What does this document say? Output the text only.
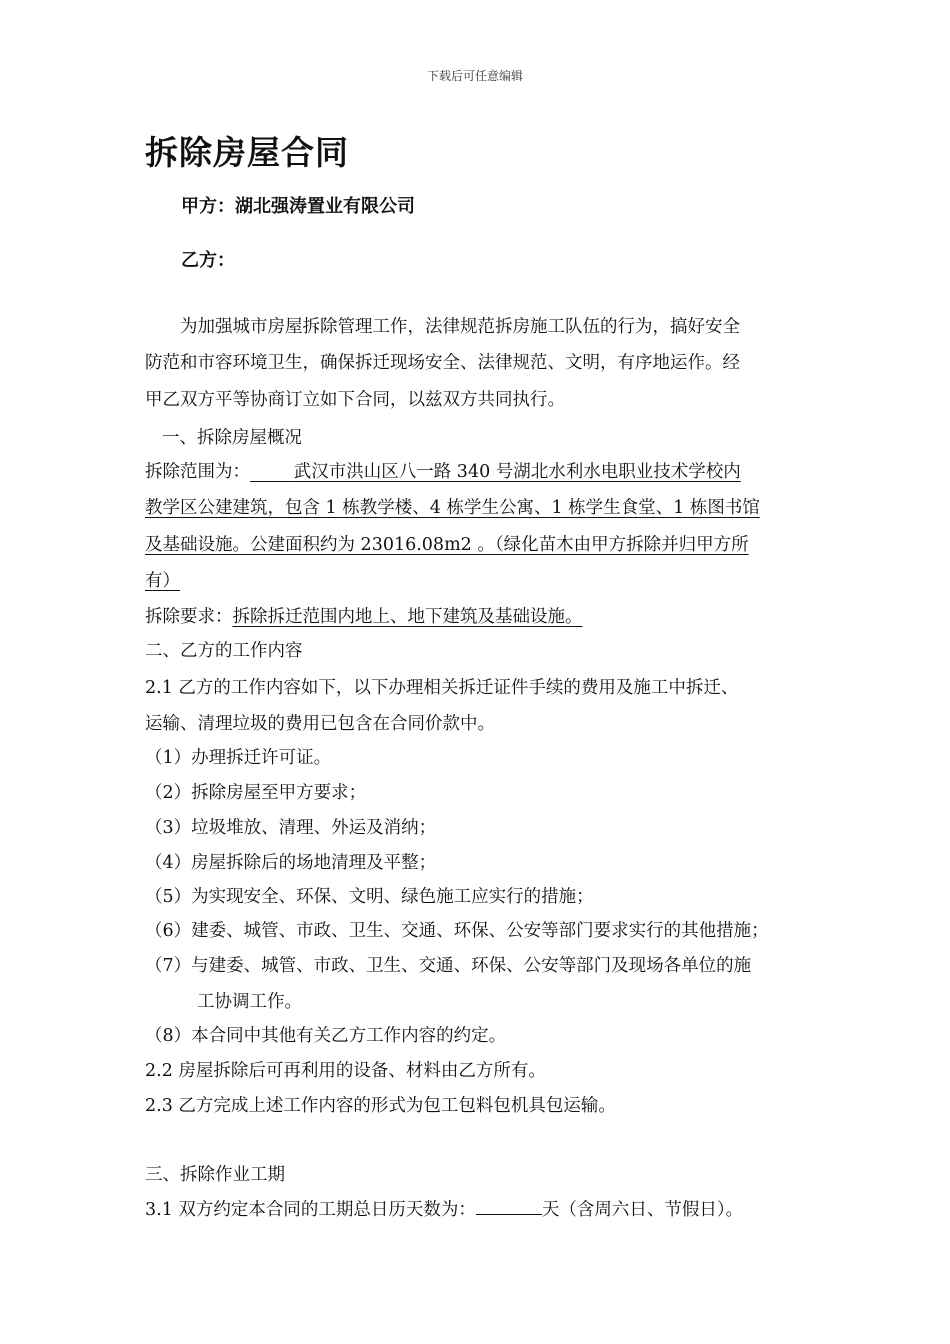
下载后可任意编辑
拆除房屋合同
甲方：湖北强涛置业有限公司
乙方：
为加强城市房屋拆除管理工作，法律规范拆房施工队伍的行为，搞好安全
防范和市容环境卫生，确保拆迁现场安全、法律规范、文明，有序地运作。经
甲乙双方平等协商订立如下合同，以兹双方共同执行。
一、拆除房屋概况
拆除范围为：   	武汉市洪山区八一路 340 号湖北水利水电职业技术学校内
教学区公建建筑，包含 1 栋教学楼、4 栋学生公寓、1 栋学生食堂、1 栋图书馆
及基础设施。公建面积约为 23016.08m2 。（绿化苗木由甲方拆除并归甲方所
有）
拆除要求：拆除拆迁范围内地上、地下建筑及基础设施。
二、乙方的工作内容
2.1 乙方的工作内容如下，以下办理相关拆迁证件手续的费用及施工中拆迁、
运输、清理垃圾的费用已包含在合同价款中。
（1）办理拆迁许可证。
（2）拆除房屋至甲方要求；
（3）垃圾堆放、清理、外运及消纳；
（4）房屋拆除后的场地清理及平整；
（5）为实现安全、环保、文明、绿色施工应实行的措施；
（6）建委、城管、市政、卫生、交通、环保、公安等部门要求实行的其他措施；
（7）与建委、城管、市政、卫生、交通、环保、公安等部门及现场各单位的施
工协调工作。
（8）本合同中其他有关乙方工作内容的约定。
2.2 房屋拆除后可再利用的设备、材料由乙方所有。
2.3 乙方完成上述工作内容的形式为包工包料包机具包运输。
三、拆除作业工期
3.1 双方约定本合同的工期总日历天数为：	天（含周六日、节假日）。
